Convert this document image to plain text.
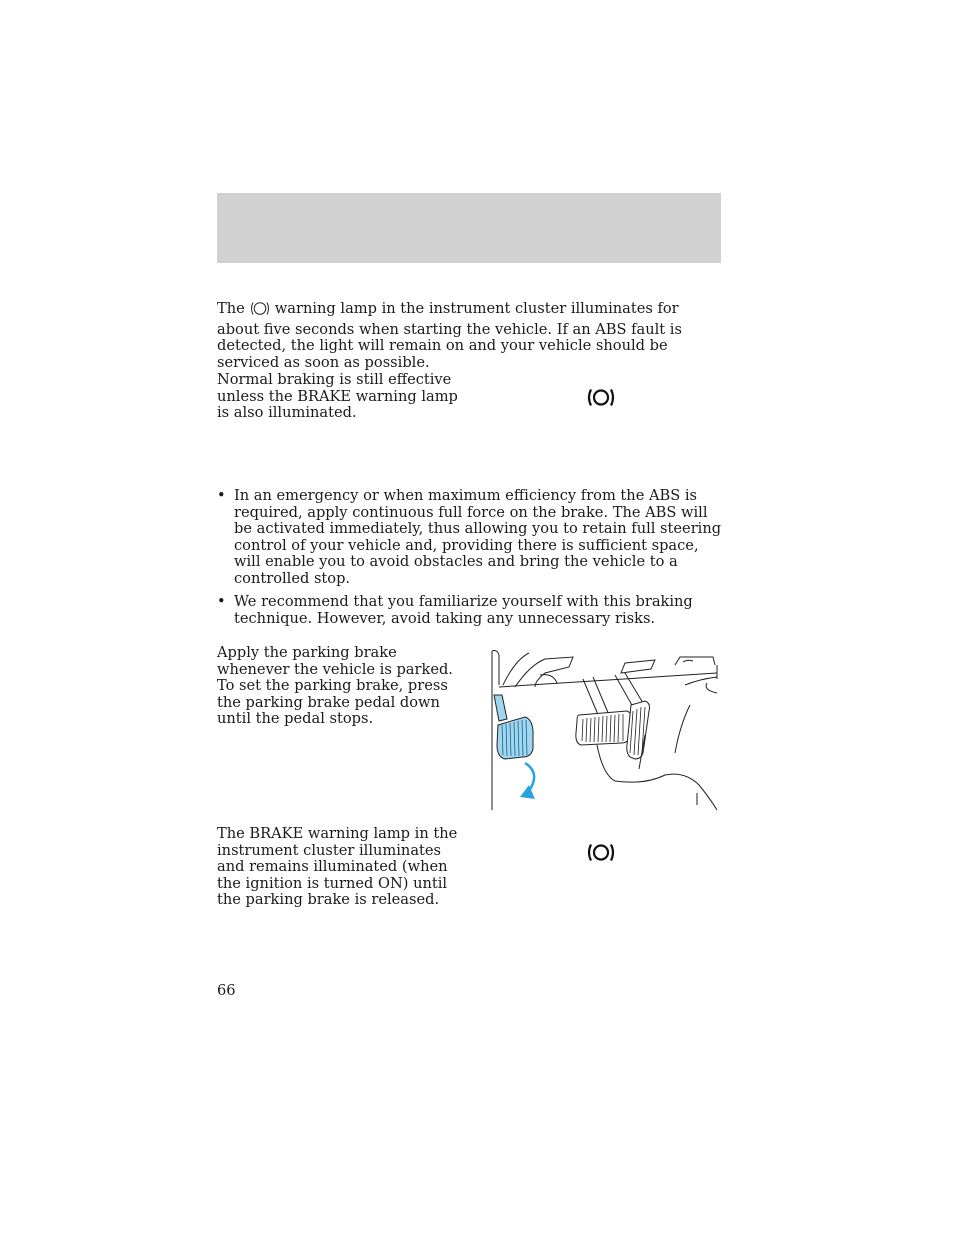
The warning lamp in the instrument cluster illuminates for about five seconds when starting the vehicle. If an ABS fault is detected, the light will remain on and your vehicle should be serviced as soon as possible.
Normal braking is still effective unless the BRAKE warning lamp is also illuminated.
• In an emergency or when maximum efficiency from the ABS is required, apply continuous full force on the brake. The ABS will be activated immediately, thus allowing you to retain full steering control of your vehicle and, providing there is sufficient space, will enable you to avoid obstacles and bring the vehicle to a controlled stop.
• We recommend that you familiarize yourself with this braking technique. However, avoid taking any unnecessary risks.
Apply the parking brake whenever the vehicle is parked. To set the parking brake, press the parking brake pedal down until the pedal stops.
The BRAKE warning lamp in the instrument cluster illuminates and remains illuminated (when the ignition is turned ON) until the parking brake is released.
66
